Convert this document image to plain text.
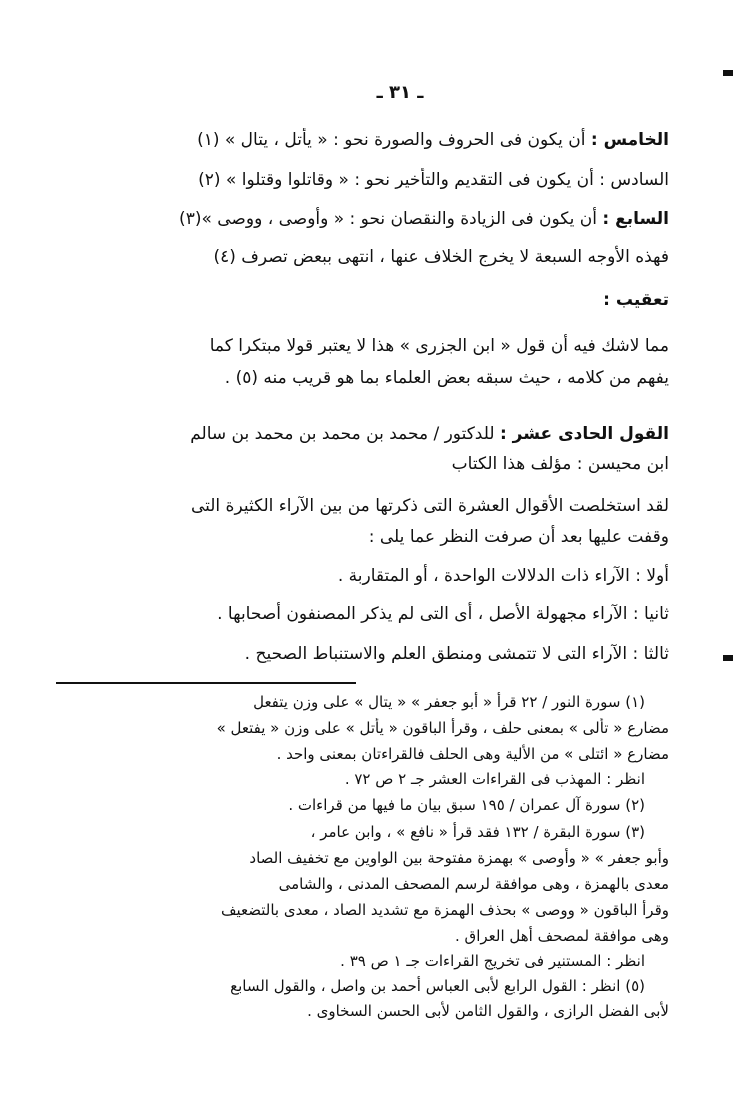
ـ ٣١ ـ
الخامس : أن يكون فى الحروف والصورة نحو : « يأتل ، يتال » (١)
السادس : أن يكون فى التقديم والتأخير نحو : « وقاتلوا وقتلوا » (٢)
السابع : أن يكون فى الزيادة والنقصان نحو : « وأوصى ، ووصى »(٣)
فهذه الأوجه السبعة لا يخرج الخلاف عنها ، انتهى ببعض تصرف (٤)
تعقيب :
مما لاشك فيه أن قول « ابن الجزرى » هذا لا يعتبر قولا مبتكرا كما
يفهم من كلامه ، حيث سبقه بعض العلماء بما هو قريب منه (٥) .
القول الحادى عشر : للدكتور / محمد بن محمد بن محمد بن سالم
ابن محيسن : مؤلف هذا الكتاب
لقد استخلصت الأقوال العشرة التى ذكرتها من بين الآراء الكثيرة التى
وقفت عليها بعد أن صرفت النظر عما يلى :
أولا : الآراء ذات الدلالات الواحدة ، أو المتقاربة .
ثانيا : الآراء مجهولة الأصل ، أى التى لم يذكر المصنفون أصحابها .
ثالثا : الآراء التى لا تتمشى ومنطق العلم والاستنباط الصحيح .
(١) سورة النور / ٢٢ قرأ « أبو جعفر » « يتال » على وزن يتفعل
مضارع « تألى » بمعنى حلف ، وقرأ الباقون « يأتل » على وزن « يفتعل »
مضارع « ائتلى » من الألية وهى الحلف فالقراءتان بمعنى واحد .
انظر : المهذب فى القراءات العشر جـ ٢ ص ٧٢ .
(٢) سورة آل عمران / ١٩٥ سبق بيان ما فيها من قراءات .
(٣) سورة البقرة / ١٣٢ فقد قرأ « نافع » ، وابن عامر ،
وأبو جعفر » « وأوصى » بهمزة مفتوحة بين الواوين مع تخفيف الصاد
معدى بالهمزة ، وهى موافقة لرسم المصحف المدنى ، والشامى
وقرأ الباقون « ووصى » بحذف الهمزة مع تشديد الصاد ، معدى بالتضعيف
وهى موافقة لمصحف أهل العراق .
انظر : المستنير فى تخريج القراءات جـ ١ ص ٣٩ .
(٥) انظر : القول الرابع لأبى العباس أحمد بن واصل ، والقول السابع
لأبى الفضل الرازى ، والقول الثامن لأبى الحسن السخاوى .
